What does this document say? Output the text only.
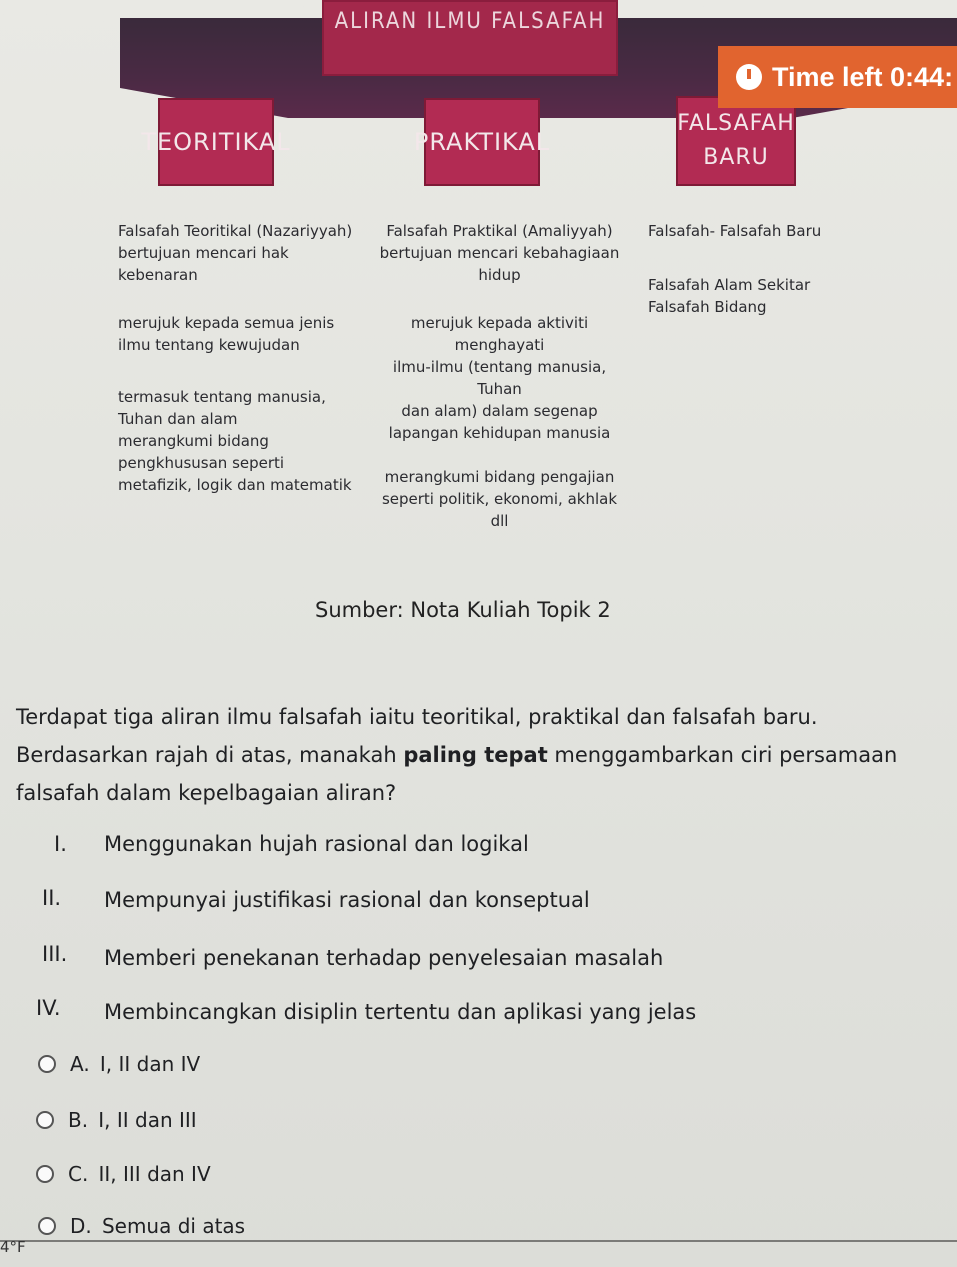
ALIRAN ILMU FALSAFAH
TEORITIKAL	PRAKTIKAL
FALSAFAH BARU
Time left 0:44:
Falsafah Teoritikal (Nazariyyah)
bertujuan mencari hak
kebenaran
merujuk kepada semua jenis
ilmu tentang kewujudan
termasuk tentang manusia,
Tuhan dan alam
merangkumi bidang
pengkhususan seperti
metafizik, logik dan matematik
Falsafah Praktikal (Amaliyyah)
bertujuan mencari kebahagiaan
hidup
merujuk kepada aktiviti
menghayati
ilmu-ilmu (tentang manusia, Tuhan
dan alam) dalam segenap
lapangan kehidupan manusia
merangkumi bidang pengajian
seperti politik, ekonomi, akhlak dll
Falsafah- Falsafah Baru
Falsafah Alam Sekitar
Falsafah Bidang
Sumber: Nota Kuliah Topik 2
Terdapat tiga aliran ilmu falsafah iaitu teoritikal, praktikal dan falsafah baru.
Berdasarkan rajah di atas, manakah paling tepat menggambarkan ciri persamaan
falsafah dalam kepelbagaian aliran?
I. Menggunakan hujah rasional dan logikal
II. Mempunyai justifikasi rasional dan konseptual
III. Memberi penekanan terhadap penyelesaian masalah
IV. Membincangkan disiplin tertentu dan aplikasi yang jelas
A.
I, II dan IV
B.
I, II dan III
C.
II, III dan IV
D.
Semua di atas
4°F
